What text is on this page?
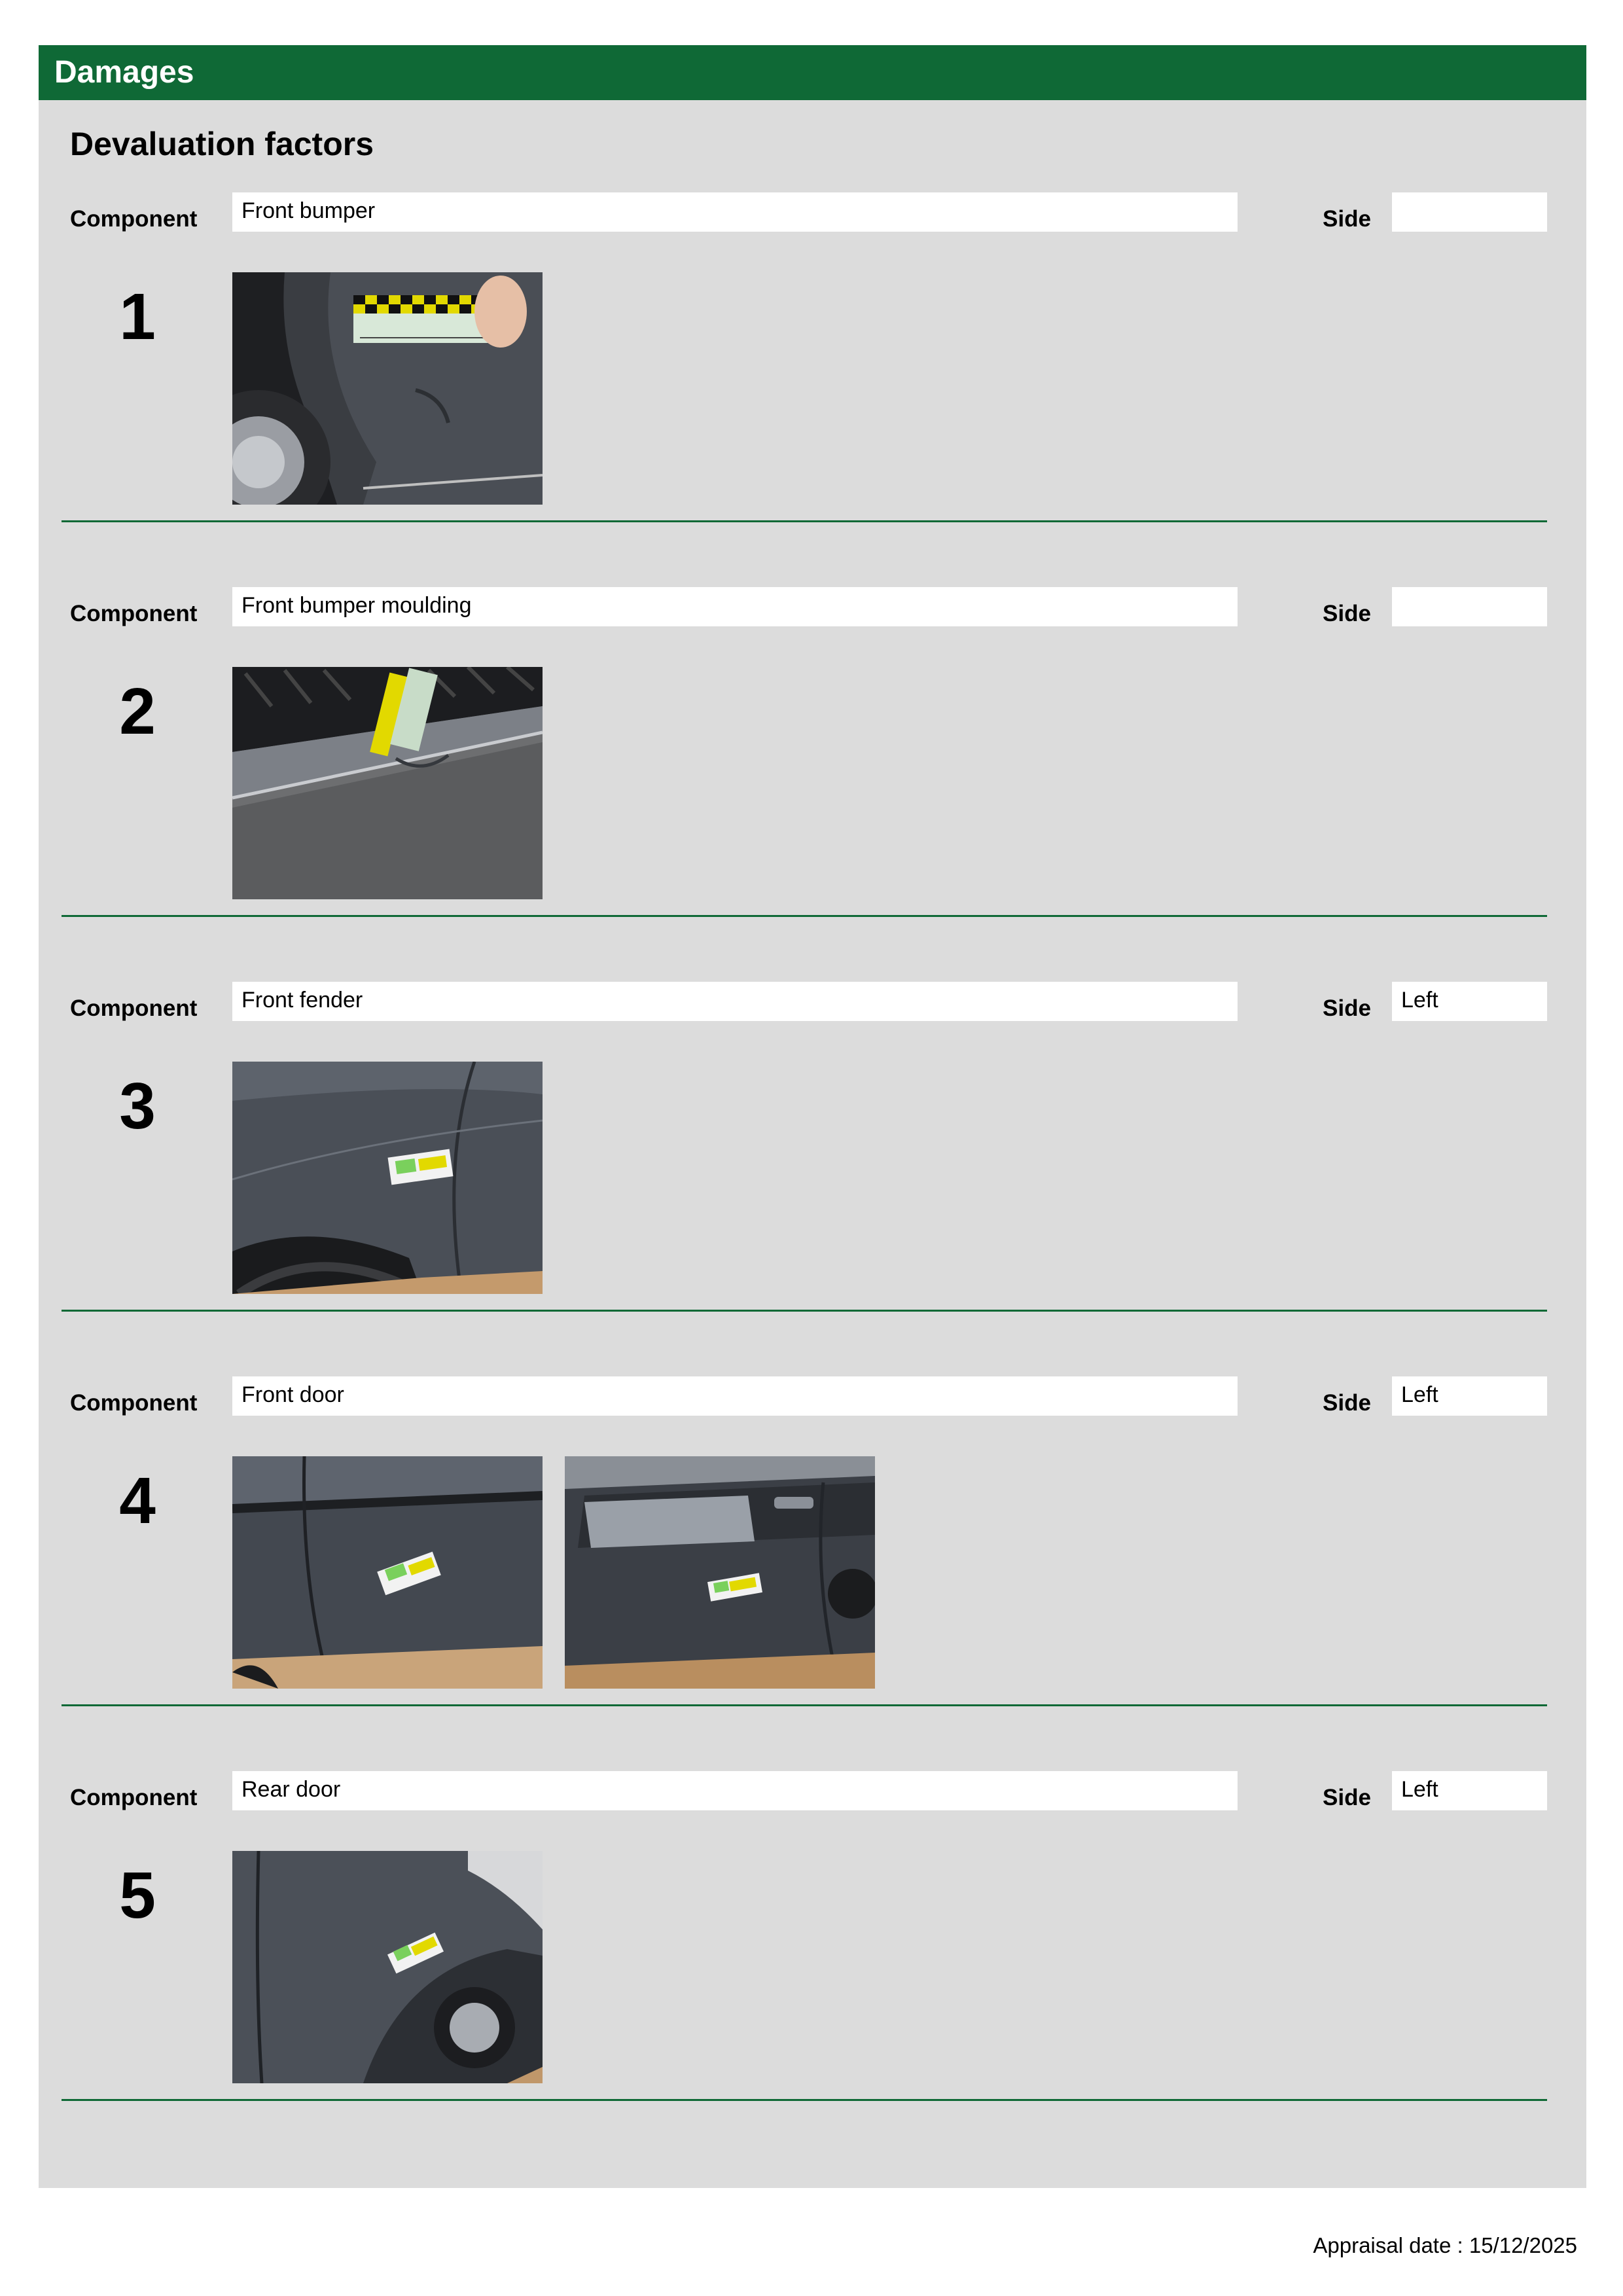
Damages
Devaluation factors
Component	Front bumper	Side
1
Component	Front bumper moulding	Side
2
Component	Front fender	Side	Left
3
Component	Front door	Side	Left
4
Component	Rear door	Side	Left
5
Appraisal date : 15/12/2025
